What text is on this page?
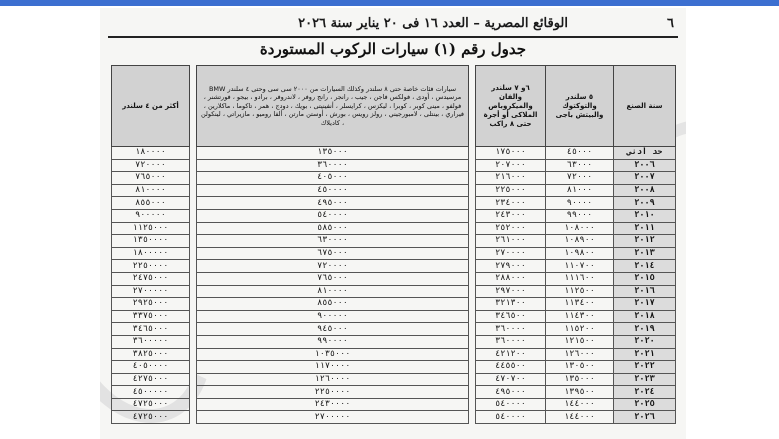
٦
الوقائع المصرية – العدد ١٦ فى ٢٠ يناير سنة ٢٠٢٦
جدول رقم (١) سيارات الركوب المستوردة
سنة الصنع	٥ سلندر والتوكتوك والبيتش باجى	٦و ٧ سلندر والفان والميكروباص الملاكى أو أجرة حتى ٨ راكب		سيارات فئات خاصة حتى ٨ سلندر وكذلك السيارات من ٢٠٠٠ سى سى وحتى ٤ سلندر BMW مرسيدس ، أودى ، فولكس فاجن ، جيب ، رانجر ، رانج روفر ، لاندروفر ، برادو ، بيجو ، فورتشنر ، فولفو ، مينى كوبر ، كوبرا ، ليكزس ، كرايسلر ، أنفينيتى ، بويك ، دودج ، همر ، تاكوما ، ماكلارين ، فيراري ، بينتلى ، لامبورجيني ، رولز رويس ، بورش ، أوستن مارتن ، ألفا روميو ، مازيراتي ، لينكولن ، كاديلاك		أكثر من ٤ سلندر
حد أدنى	٤٥٠٠٠	١٧٥٠٠٠		١٣٥٠٠٠		١٨٠٠٠٠
٢٠٠٦	٦٣٠٠٠	٢٠٧٠٠٠		٣٦٠٠٠٠		٧٢٠٠٠٠
٢٠٠٧	٧٢٠٠٠	٢١٦٠٠٠		٤٠٥٠٠٠		٧٦٥٠٠٠
٢٠٠٨	٨١٠٠٠	٢٢٥٠٠٠		٤٥٠٠٠٠		٨١٠٠٠٠
٢٠٠٩	٩٠٠٠٠	٢٣٤٠٠٠		٤٩٥٠٠٠		٨٥٥٠٠٠
٢٠١٠	٩٩٠٠٠	٢٤٣٠٠٠		٥٤٠٠٠٠		٩٠٠٠٠٠
٢٠١١	١٠٨٠٠٠	٢٥٢٠٠٠		٥٨٥٠٠٠		١١٢٥٠٠٠
٢٠١٢	١٠٨٩٠٠	٢٦١٠٠٠		٦٣٠٠٠٠		١٣٥٠٠٠٠
٢٠١٣	١٠٩٨٠٠	٢٧٠٠٠٠		٦٧٥٠٠٠		١٨٠٠٠٠٠
٢٠١٤	١١٠٧٠٠	٢٧٩٠٠٠		٧٢٠٠٠٠		٢٢٥٠٠٠٠
٢٠١٥	١١١٦٠٠	٢٨٨٠٠٠		٧٦٥٠٠٠		٢٤٧٥٠٠٠
٢٠١٦	١١٢٥٠٠	٢٩٧٠٠٠		٨١٠٠٠٠		٢٧٠٠٠٠٠
٢٠١٧	١١٣٤٠٠	٣٢١٣٠٠		٨٥٥٠٠٠		٢٩٢٥٠٠٠
٢٠١٨	١١٤٣٠٠	٣٤٦٥٠٠		٩٠٠٠٠٠		٣٣٧٥٠٠٠
٢٠١٩	١١٥٢٠٠	٣٦٠٠٠٠		٩٤٥٠٠٠		٣٤٦٥٠٠٠
٢٠٢٠	١٢١٥٠٠	٣٦٠٠٠٠		٩٩٠٠٠٠		٣٦٠٠٠٠٠
٢٠٢١	١٢٦٠٠٠	٤٢١٢٠٠		١٠٣٥٠٠٠		٣٨٢٥٠٠٠
٢٠٢٢	١٣٠٥٠٠	٤٤٥٥٠٠		١١٧٠٠٠٠		٤٠٥٠٠٠٠
٢٠٢٣	١٣٥٠٠٠	٤٧٠٧٠٠		١٢٦٠٠٠٠		٤٢٧٥٠٠٠
٢٠٢٤	١٣٩٥٠٠	٤٩٥٠٠٠		٢٢٥٠٠٠٠		٤٥٠٠٠٠٠
٢٠٢٥	١٤٤٠٠٠	٥٤٠٠٠٠		٢٤٣٠٠٠٠		٤٧٢٥٠٠٠
٢٠٢٦	١٤٤٠٠٠	٥٤٠٠٠٠		٢٧٠٠٠٠٠		٤٧٢٥٠٠٠
